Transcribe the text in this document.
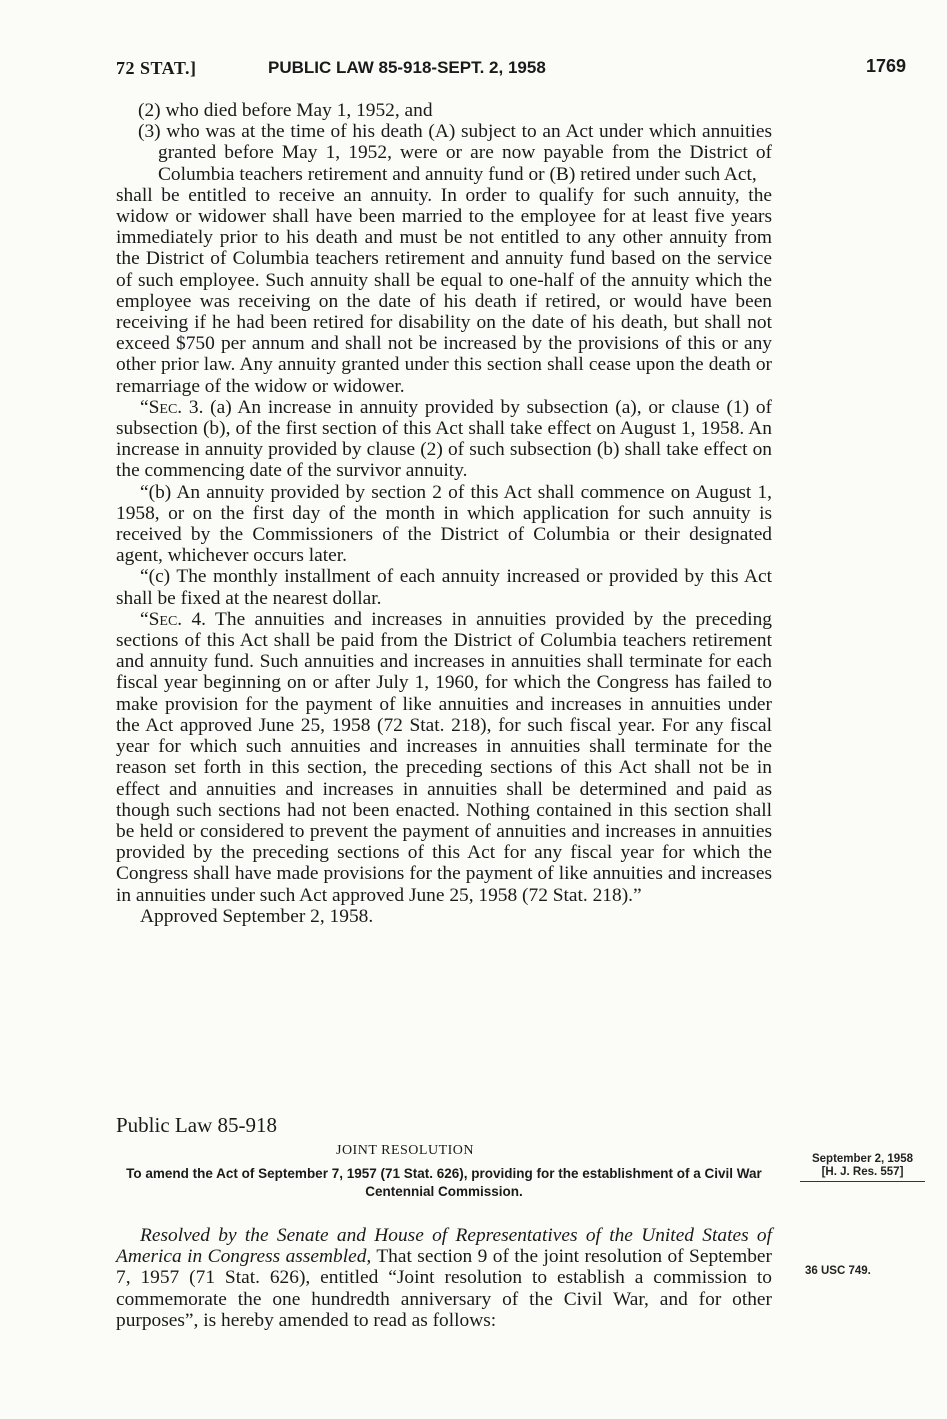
72 STAT.]	PUBLIC LAW 85-918-SEPT. 2, 1958	1769

(2) who died before May 1, 1952, and

(3) who was at the time of his death (A) subject to an Act under which annuities granted before May 1, 1952, were or are now payable from the District of Columbia teachers retirement and annuity fund or (B) retired under such Act,

shall be entitled to receive an annuity. In order to qualify for such annuity, the widow or widower shall have been married to the employee for at least five years immediately prior to his death and must be not entitled to any other annuity from the District of Columbia teachers retirement and annuity fund based on the service of such employee. Such annuity shall be equal to one-half of the annuity which the employee was receiving on the date of his death if retired, or would have been receiving if he had been retired for disability on the date of his death, but shall not exceed $750 per annum and shall not be increased by the provisions of this or any other prior law. Any annuity granted under this section shall cease upon the death or remarriage of the widow or widower.

“Sec. 3. (a) An increase in annuity provided by subsection (a), or clause (1) of subsection (b), of the first section of this Act shall take effect on August 1, 1958. An increase in annuity provided by clause (2) of such subsection (b) shall take effect on the commencing date of the survivor annuity.

“(b) An annuity provided by section 2 of this Act shall commence on August 1, 1958, or on the first day of the month in which application for such annuity is received by the Commissioners of the District of Columbia or their designated agent, whichever occurs later.

“(c) The monthly installment of each annuity increased or provided by this Act shall be fixed at the nearest dollar.

“Sec. 4. The annuities and increases in annuities provided by the preceding sections of this Act shall be paid from the District of Columbia teachers retirement and annuity fund. Such annuities and increases in annuities shall terminate for each fiscal year beginning on or after July 1, 1960, for which the Congress has failed to make provision for the payment of like annuities and increases in annuities under the Act approved June 25, 1958 (72 Stat. 218), for such fiscal year. For any fiscal year for which such annuities and increases in annuities shall terminate for the reason set forth in this section, the preceding sections of this Act shall not be in effect and annuities and increases in annuities shall be determined and paid as though such sections had not been enacted. Nothing contained in this section shall be held or considered to prevent the payment of annuities and increases in annuities provided by the preceding sections of this Act for any fiscal year for which the Congress shall have made provisions for the payment of like annuities and increases in annuities under such Act approved June 25, 1958 (72 Stat. 218).”

Approved September 2, 1958.

Public Law 85-918
JOINT RESOLUTION
To amend the Act of September 7, 1957 (71 Stat. 626), providing for the establishment of a Civil War Centennial Commission.
September 2, 1958
[H. J. Res. 557]
36 USC 749.

Resolved by the Senate and House of Representatives of the United States of America in Congress assembled, That section 9 of the joint resolution of September 7, 1957 (71 Stat. 626), entitled “Joint resolution to establish a commission to commemorate the one hundredth anniversary of the Civil War, and for other purposes”, is hereby amended to read as follows:
